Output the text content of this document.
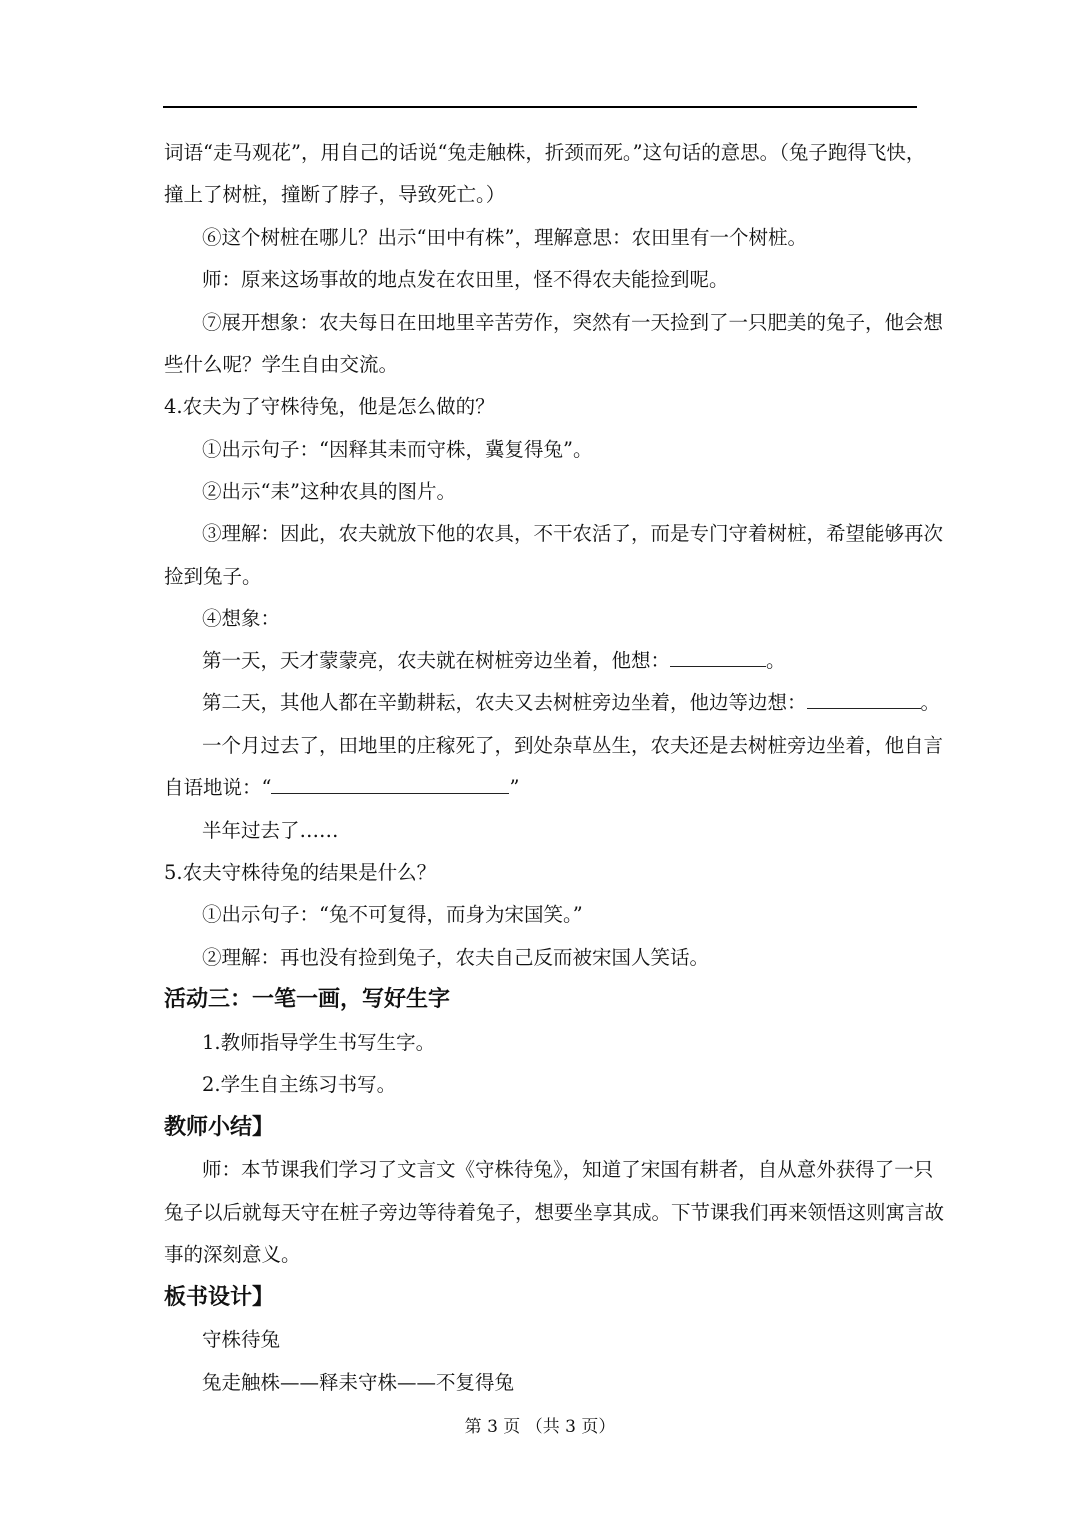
词语“走马观花”，用自己的话说“兔走触株，折颈而死。”这句话的意思。（兔子跑得飞快，
撞上了树桩，撞断了脖子，导致死亡。）
⑥这个树桩在哪儿？出示“田中有株”，理解意思：农田里有一个树桩。
师：原来这场事故的地点发在农田里，怪不得农夫能捡到呢。
⑦展开想象：农夫每日在田地里辛苦劳作，突然有一天捡到了一只肥美的兔子，他会想
些什么呢？学生自由交流。
4.农夫为了守株待兔，他是怎么做的？
①出示句子：“因释其耒而守株，冀复得兔”。
②出示“耒”这种农具的图片。
③理解：因此，农夫就放下他的农具，不干农活了，而是专门守着树桩，希望能够再次
捡到兔子。
④想象：
第一天，天才蒙蒙亮，农夫就在树桩旁边坐着，他想：	。
第二天，其他人都在辛勤耕耘，农夫又去树桩旁边坐着，他边等边想：	。
一个月过去了，田地里的庄稼死了，到处杂草丛生，农夫还是去树桩旁边坐着，他自言
自语地说：“	”
半年过去了……
5.农夫守株待兔的结果是什么？
①出示句子：“兔不可复得，而身为宋国笑。”
②理解：再也没有捡到兔子，农夫自己反而被宋国人笑话。
活动三：一笔一画，写好生字
1.教师指导学生书写生字。
2.学生自主练习书写。
教师小结】
师：本节课我们学习了文言文《守株待兔》，知道了宋国有耕者，自从意外获得了一只
兔子以后就每天守在桩子旁边等待着兔子，想要坐享其成。下节课我们再来领悟这则寓言故
事的深刻意义。
板书设计】
守株待兔
兔走触株——释耒守株——不复得兔
第 3 页 （共 3 页）
